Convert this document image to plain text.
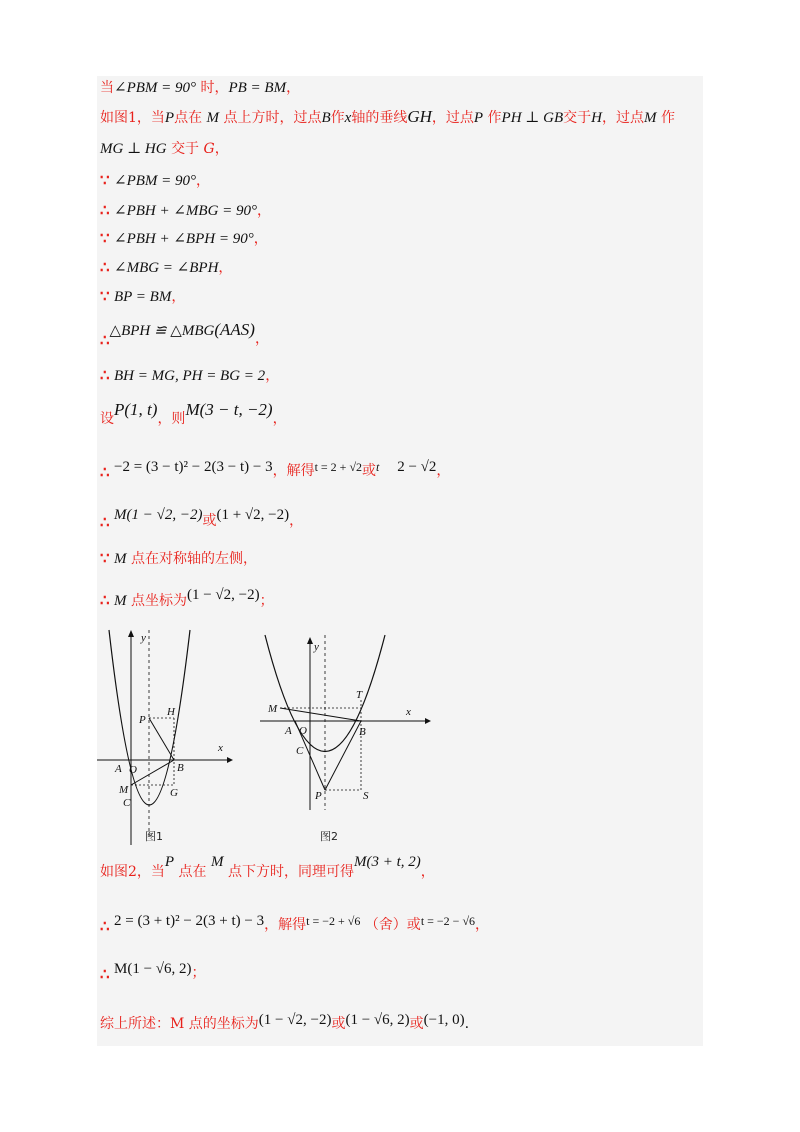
当∠PBM = 90° 时，PB = BM，
如图1，当P点在 M 点上方时，过点B作x轴的垂线GH，过点P 作PH ⊥ GB交于H，过点M 作
MG ⊥ HG 交于 G，
∵ ∠PBM = 90°，
∴ ∠PBH + ∠MBG = 90°，
∵ ∠PBH + ∠BPH = 90°，
∴ ∠MBG = ∠BPH，
∵ BP = BM，
∴△BPH ≌ △MBG(AAS)，
∴ BH = MG, PH = BG = 2，
设P(1, t)，则M(3 − t, −2)，
∴ −2 = (3 − t)² − 2(3 − t) − 3，解得t = 2 + √2或t 2 − √2，
∴ M(1 − √2, −2)或(1 + √2, −2)，
∵ M 点在对称轴的左侧，
∴ M 点坐标为(1 − √2, −2)；
y
x
P
H
A O	B
M	G
C
图1
y
x
T
M
A O	B
C
P	S
图2
如图2，当P 点在 M 点下方时，同理可得M(3 + t, 2)，
∴ 2 = (3 + t)² − 2(3 + t) − 3，解得t = −2 + √6 （舍）或t = −2 − √6，
∴ M(1 − √6, 2)；
综上所述：M 点的坐标为(1 − √2, −2)或(1 − √6, 2)或(−1, 0).
